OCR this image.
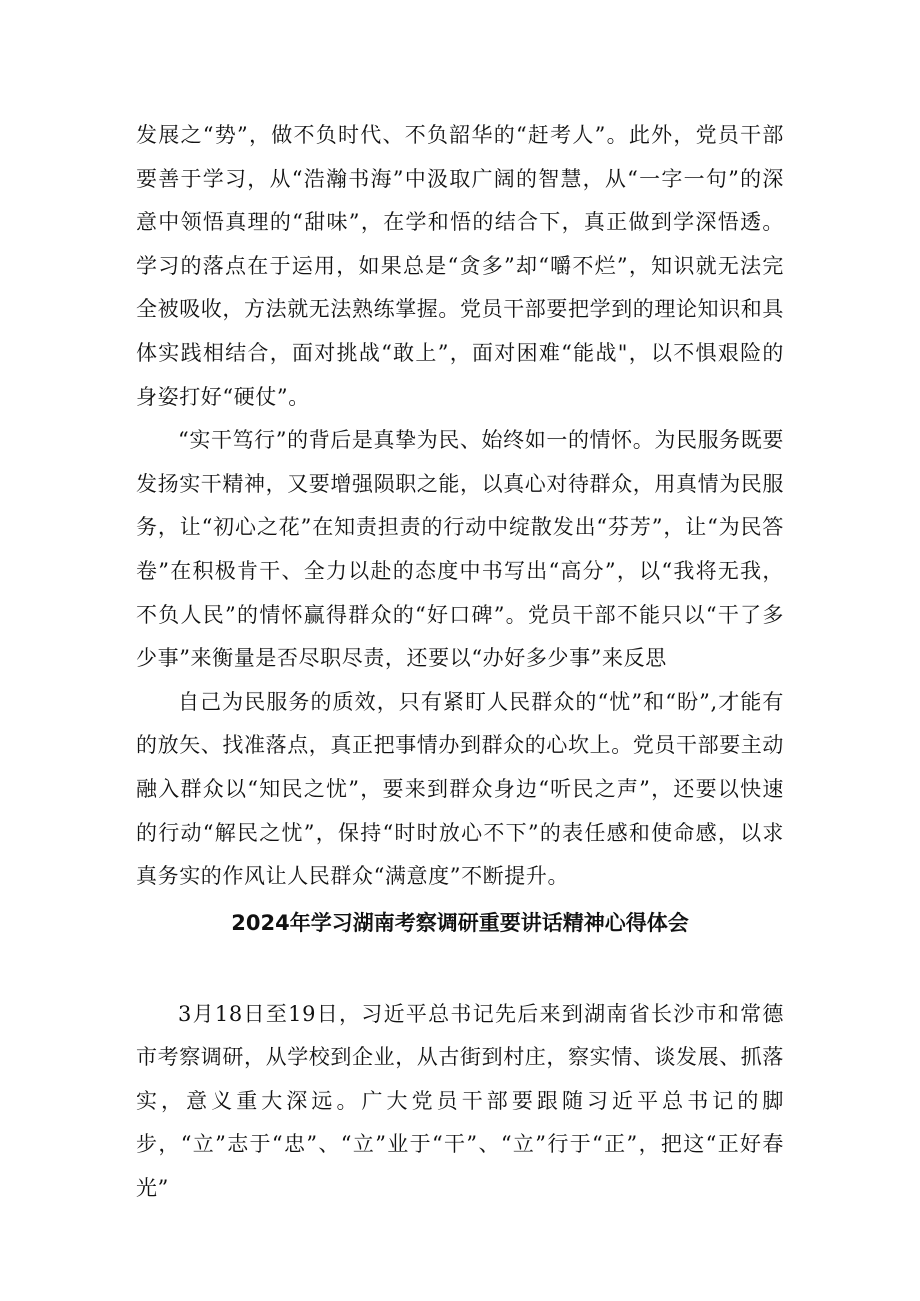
发展之“势”，做不负时代、不负韶华的“赶考人”。此外，党员干部要善于学习，从“浩瀚书海”中汲取广阔的智慧，从“一字一句”的深意中领悟真理的“甜味”，在学和悟的结合下，真正做到学深悟透。学习的落点在于运用，如果总是“贪多”却“嚼不烂”，知识就无法完全被吸收，方法就无法熟练掌握。党员干部要把学到的理论知识和具体实践相结合，面对挑战“敢上”，面对困难“能战"，以不惧艰险的身姿打好“硬仗”。

“实干笃行”的背后是真挚为民、始终如一的情怀。为民服务既要发扬实干精神，又要增强陨职之能，以真心对待群众，用真情为民服务，让“初心之花”在知责担责的行动中绽散发出“芬芳”，让“为民答卷”在积极肯干、全力以赴的态度中书写出“高分”，以“我将无我，不负人民”的情怀赢得群众的“好口碑”。党员干部不能只以“干了多少事”来衡量是否尽职尽责，还要以“办好多少事”来反思

自己为民服务的质效，只有紧盯人民群众的“忧”和“盼”,才能有的放矢、找准落点，真正把事情办到群众的心坎上。党员干部要主动融入群众以“知民之忧”，要来到群众身边“听民之声”，还要以快速的行动“解民之忧”，保持“时时放心不下”的表任感和使命感，以求真务实的作风让人民群众“满意度”不断提升。

2024年学习湖南考察调研重要讲话精神心得体会

3月18日至19日，习近平总书记先后来到湖南省长沙市和常德市考察调研，从学校到企业，从古街到村庄，察实情、谈发展、抓落实，意义重大深远。广大党员干部要跟随习近平总书记的脚步，“立”志于“忠”、“立”业于“干”、“立”行于“正”，把这“正好春光”
